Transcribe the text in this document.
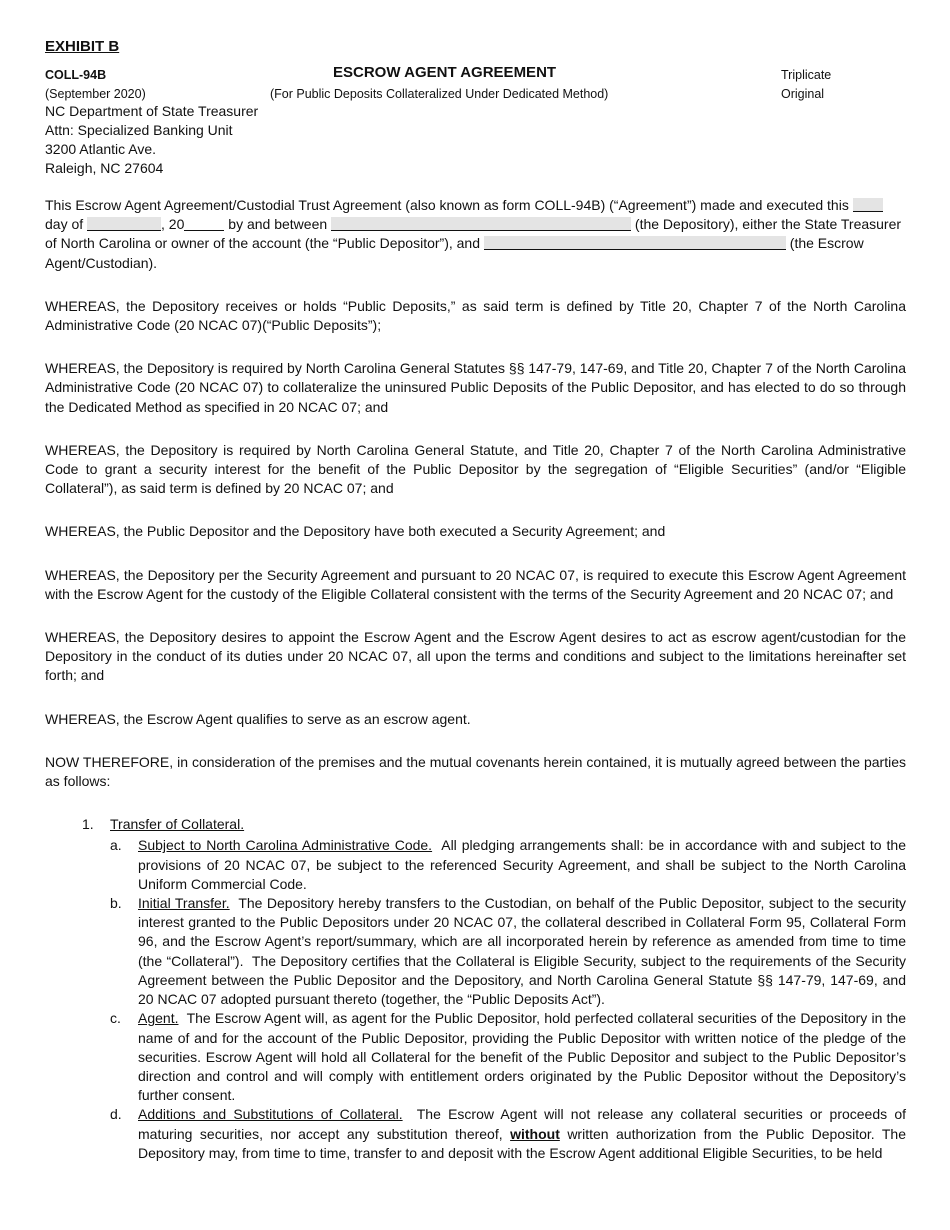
EXHIBIT B
COLL-94B	ESCROW AGENT AGREEMENT	Triplicate
(September 2020)	(For Public Deposits Collateralized Under Dedicated Method)	Original
NC Department of State Treasurer
Attn: Specialized Banking Unit
3200 Atlantic Ave.
Raleigh, NC 27604

This Escrow Agent Agreement/Custodial Trust Agreement (also known as form COLL-94B) (“Agreement”) made and executed this  day of	, 20	by and between	(the Depository), either the State Treasurer of North Carolina or owner of the account (the “Public Depositor”), and	(the Escrow Agent/Custodian).

WHEREAS, the Depository receives or holds “Public Deposits,” as said term is defined by Title 20, Chapter 7 of the North Carolina Administrative Code (20 NCAC 07)(“Public Deposits”);

WHEREAS, the Depository is required by North Carolina General Statutes §§ 147-79, 147-69, and Title 20, Chapter 7 of the North Carolina Administrative Code (20 NCAC 07) to collateralize the uninsured Public Deposits of the Public Depositor, and has elected to do so through the Dedicated Method as specified in 20 NCAC 07; and

WHEREAS, the Depository is required by North Carolina General Statute, and Title 20, Chapter 7 of the North Carolina Administrative Code to grant a security interest for the benefit of the Public Depositor by the segregation of “Eligible Securities” (and/or “Eligible Collateral”), as said term is defined by 20 NCAC 07; and

WHEREAS, the Public Depositor and the Depository have both executed a Security Agreement; and

WHEREAS, the Depository per the Security Agreement and pursuant to 20 NCAC 07, is required to execute this Escrow Agent Agreement with the Escrow Agent for the custody of the Eligible Collateral consistent with the terms of the Security Agreement and 20 NCAC 07; and

WHEREAS, the Depository desires to appoint the Escrow Agent and the Escrow Agent desires to act as escrow agent/custodian for the Depository in the conduct of its duties under 20 NCAC 07, all upon the terms and conditions and subject to the limitations hereinafter set forth; and

WHEREAS, the Escrow Agent qualifies to serve as an escrow agent.

NOW THEREFORE, in consideration of the premises and the mutual covenants herein contained, it is mutually agreed between the parties as follows:

1. Transfer of Collateral.
a. Subject to North Carolina Administrative Code.  All pledging arrangements shall: be in accordance with and subject to the provisions of 20 NCAC 07, be subject to the referenced Security Agreement, and shall be subject to the North Carolina Uniform Commercial Code.
b. Initial Transfer.  The Depository hereby transfers to the Custodian, on behalf of the Public Depositor, subject to the security interest granted to the Public Depositors under 20 NCAC 07, the collateral described in Collateral Form 95, Collateral Form 96, and the Escrow Agent’s report/summary, which are all incorporated herein by reference as amended from time to time (the “Collateral”).  The Depository certifies that the Collateral is Eligible Security, subject to the requirements of the Security Agreement between the Public Depositor and the Depository, and North Carolina General Statute §§ 147-79, 147-69, and 20 NCAC 07 adopted pursuant thereto (together, the “Public Deposits Act”).
c. Agent.  The Escrow Agent will, as agent for the Public Depositor, hold perfected collateral securities of the Depository in the name of and for the account of the Public Depositor, providing the Public Depositor with written notice of the pledge of the securities. Escrow Agent will hold all Collateral for the benefit of the Public Depositor and subject to the Public Depositor’s direction and control and will comply with entitlement orders originated by the Public Depositor without the Depository’s further consent.
d. Additions and Substitutions of Collateral.  The Escrow Agent will not release any collateral securities or proceeds of maturing securities, nor accept any substitution thereof, without written authorization from the Public Depositor. The Depository may, from time to time, transfer to and deposit with the Escrow Agent additional Eligible Securities, to be held
